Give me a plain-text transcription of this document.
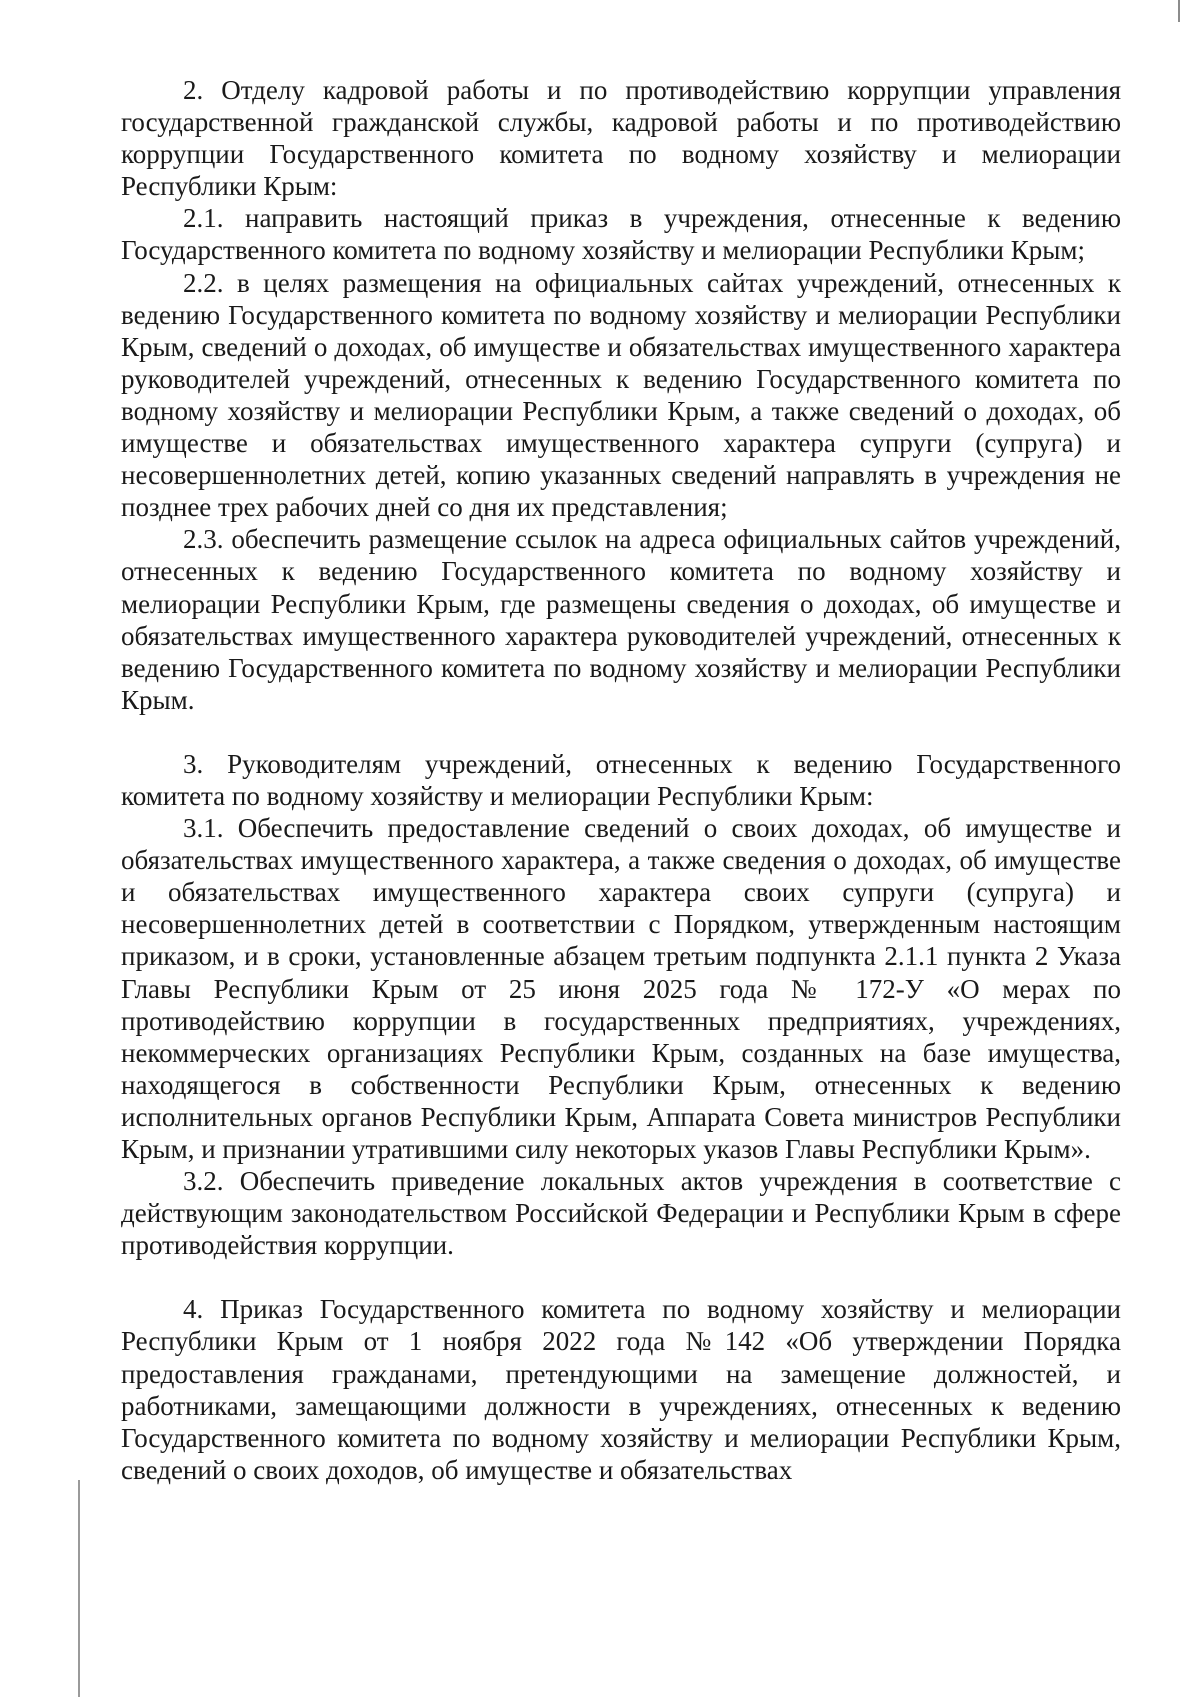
2. Отделу кадровой работы и по противодействию коррупции управления государственной гражданской службы, кадровой работы и по противодействию коррупции Государственного комитета по водному хозяйству и мелиорации Республики Крым:

2.1. направить настоящий приказ в учреждения, отнесенные к ведению Государственного комитета по водному хозяйству и мелиорации Республики Крым;

2.2. в целях размещения на официальных сайтах учреждений, отнесенных к ведению Государственного комитета по водному хозяйству и мелиорации Республики Крым, сведений о доходах, об имуществе и обязательствах имущественного характера руководителей учреждений, отнесенных к ведению Государственного комитета по водному хозяйству и мелиорации Республики Крым, а также сведений о доходах, об имуществе и обязательствах имущественного характера супруги (супруга) и несовершеннолетних детей, копию указанных сведений направлять в учреждения не позднее трех рабочих дней со дня их представления;

2.3. обеспечить размещение ссылок на адреса официальных сайтов учреждений, отнесенных к ведению Государственного комитета по водному хозяйству и мелиорации Республики Крым, где размещены сведения о доходах, об имуществе и обязательствах имущественного характера руководителей учреждений, отнесенных к ведению Государственного комитета по водному хозяйству и мелиорации Республики Крым.

3. Руководителям учреждений, отнесенных к ведению Государственного комитета по водному хозяйству и мелиорации Республики Крым:

3.1. Обеспечить предоставление сведений о своих доходах, об имуществе и обязательствах имущественного характера, а также сведения о доходах, об имуществе и обязательствах имущественного характера своих супруги (супруга) и несовершеннолетних детей в соответствии с Порядком, утвержденным настоящим приказом, и в сроки, установленные абзацем третьим подпункта 2.1.1 пункта 2 Указа Главы Республики Крым от 25 июня 2025 года № 172-У «О мерах по противодействию коррупции в государственных предприятиях, учреждениях, некоммерческих организациях Республики Крым, созданных на базе имущества, находящегося в собственности Республики Крым, отнесенных к ведению исполнительных органов Республики Крым, Аппарата Совета министров Республики Крым, и признании утратившими силу некоторых указов Главы Республики Крым».

3.2. Обеспечить приведение локальных актов учреждения в соответствие с действующим законодательством Российской Федерации и Республики Крым в сфере противодействия коррупции.

4. Приказ Государственного комитета по водному хозяйству и мелиорации Республики Крым от 1 ноября 2022 года №142 «Об утверждении Порядка предоставления гражданами, претендующими на замещение должностей, и работниками, замещающими должности в учреждениях, отнесенных к ведению Государственного комитета по водному хозяйству и мелиорации Республики Крым, сведений о своих доходов, об имуществе и обязательствах
